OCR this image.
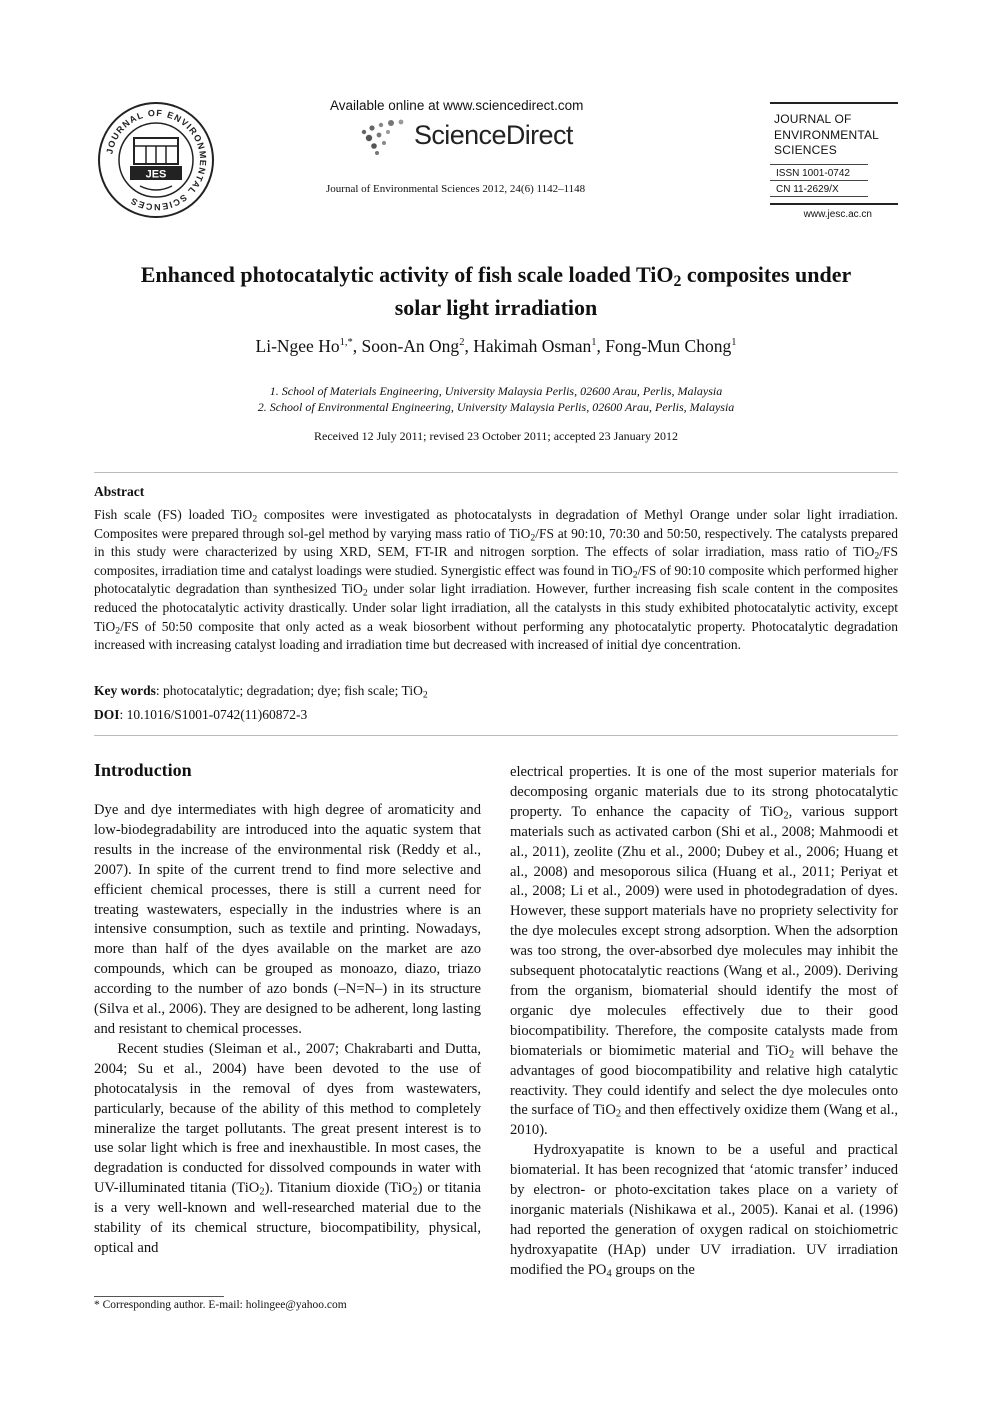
JOURNAL OF ENVIRONMENTAL SCIENCES
JES
Available online at www.sciencedirect.com
ScienceDirect
Journal of Environmental Sciences 2012, 24(6) 1142–1148
JOURNAL OF
ENVIRONMENTAL
SCIENCES
ISSN 1001-0742
CN 11-2629/X
www.jesc.ac.cn
Enhanced photocatalytic activity of fish scale loaded TiO$_2$ composites under
solar light irradiation
Li-Ngee $Ho^{1,*}$, Soon-An Ong$^2$, Hakimah Osman$^1$, Fong-Mun Chong$^1$
1. School of Materials Engineering, University Malaysia Perlis, 02600 Arau, Perlis, Malaysia
2. School of Environmental Engineering, University Malaysia Perlis, 02600 Arau, Perlis, Malaysia
Received 12 July 2011; revised 23 October 2011; accepted 23 January 2012
Abstract
Fish scale (FS) loaded TiO$_2$ composites were investigated as photocatalysts in degradation of Methyl Orange under solar light irradiation. Composites were prepared through sol-gel method by varying mass ratio of TiO$_2$/FS at 90:10, 70:30 and 50:50, respectively. The catalysts prepared in this study were characterized by using XRD, SEM, FT-IR and nitrogen sorption. The effects of solar irradiation, mass ratio of TiO$_2$/FS composites, irradiation time and catalyst loadings were studied. Synergistic effect was found in TiO$_2$/FS of 90:10 composite which performed higher photocatalytic degradation than synthesized TiO$_2$ under solar light irradiation. However, further increasing fish scale content in the composites reduced the photocatalytic activity drastically. Under solar light irradiation, all the catalysts in this study exhibited photocatalytic activity, except TiO$_2$/FS of 50:50 composite that only acted as a weak biosorbent without performing any photocatalytic property. Photocatalytic degradation increased with increasing catalyst loading and irradiation time but decreased with increased of initial dye concentration.
Key words: photocatalytic; degradation; dye; fish scale; TiO$_2$
DOI: 10.1016/S1001-0742(11)60872-3
Introduction

Dye and dye intermediates with high degree of aromaticity and low-biodegradability are introduced into the aquatic system that results in the increase of the environmental risk (Reddy et al., 2007). In spite of the current trend to find more selective and efficient chemical processes, there is still a current need for treating wastewaters, especially in the industries where is an intensive consumption, such as textile and printing. Nowadays, more than half of the dyes available on the market are azo compounds, which can be grouped as monoazo, diazo, triazo according to the number of azo bonds (–N=N–) in its structure (Silva et al., 2006). They are designed to be adherent, long lasting and resistant to chemical processes.

Recent studies (Sleiman et al., 2007; Chakrabarti and Dutta, 2004; Su et al., 2004) have been devoted to the use of photocatalysis in the removal of dyes from wastewaters, particularly, because of the ability of this method to completely mineralize the target pollutants. The great present interest is to use solar light which is free and inexhaustible. In most cases, the degradation is conducted for dissolved compounds in water with UV-illuminated titania (TiO$_2$). Titanium dioxide (TiO$_2$) or titania is a very well-known and well-researched material due to the stability of its chemical structure, biocompatibility, physical, optical and

electrical properties. It is one of the most superior materials for decomposing organic materials due to its strong photocatalytic property. To enhance the capacity of TiO$_2$, various support materials such as activated carbon (Shi et al., 2008; Mahmoodi et al., 2011), zeolite (Zhu et al., 2000; Dubey et al., 2006; Huang et al., 2008) and mesoporous silica (Huang et al., 2011; Periyat et al., 2008; Li et al., 2009) were used in photodegradation of dyes. However, these support materials have no propriety selectivity for the dye molecules except strong adsorption. When the adsorption was too strong, the over-absorbed dye molecules may inhibit the subsequent photocatalytic reactions (Wang et al., 2009). Deriving from the organism, biomaterial should identify the most of organic dye molecules effectively due to their good biocompatibility. Therefore, the composite catalysts made from biomaterials or biomimetic material and TiO$_2$ will behave the advantages of good biocompatibility and relative high catalytic reactivity. They could identify and select the dye molecules onto the surface of TiO$_2$ and then effectively oxidize them (Wang et al., 2010).

Hydroxyapatite is known to be a useful and practical biomaterial. It has been recognized that ‘atomic transfer’ induced by electron- or photo-excitation takes place on a variety of inorganic materials (Nishikawa et al., 2005). Kanai et al. (1996) had reported the generation of oxygen radical on stoichiometric hydroxyapatite (HAp) under UV irradiation. UV irradiation modified the $PO_4$ groups on the

* Corresponding author. E-mail: holingee@yahoo.com
